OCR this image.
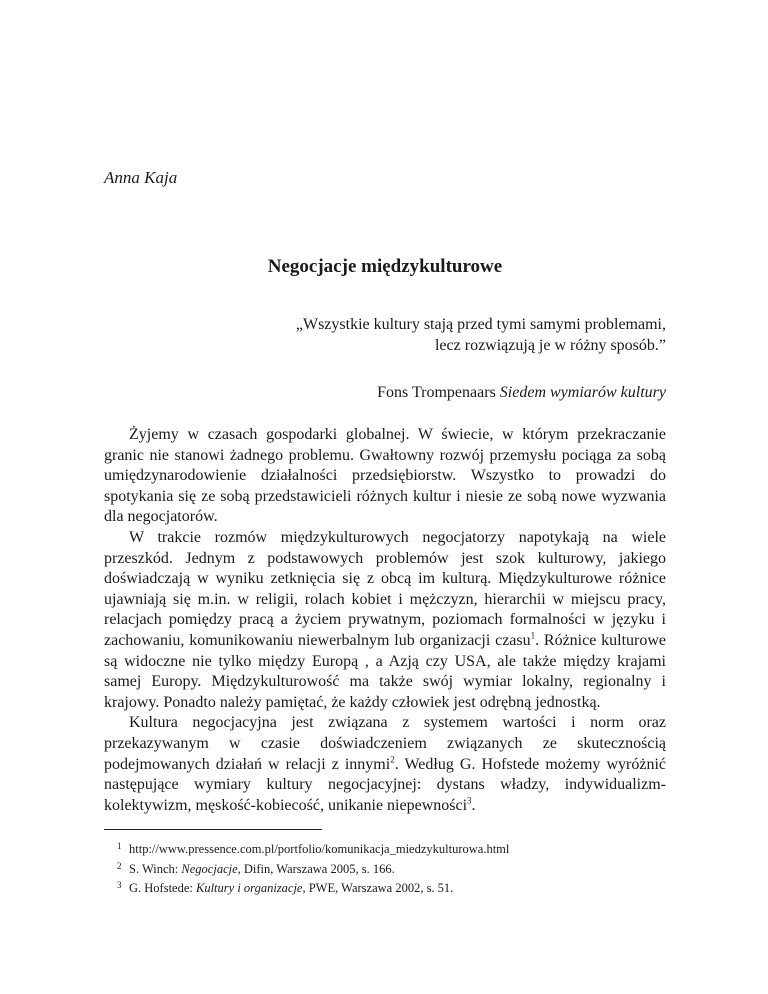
Anna Kaja

Negocjacje międzykulturowe
„Wszystkie kultury stają przed tymi samymi problemami,
lecz rozwiązują je w różny sposób.”
Fons Trompenaars Siedem wymiarów kultury

Żyjemy w czasach gospodarki globalnej. W świecie, w którym przekraczanie granic nie stanowi żadnego problemu. Gwałtowny rozwój przemysłu pociąga za sobą umiędzynarodowienie działalności przedsiębiorstw. Wszystko to prowadzi do spotykania się ze sobą przedstawicieli różnych kultur i niesie ze sobą nowe wyzwania dla negocjatorów.

W trakcie rozmów międzykulturowych negocjatorzy napotykają na wiele przeszkód. Jednym z podstawowych problemów jest szok kulturowy, jakiego doświadczają w wyniku zetknięcia się z obcą im kulturą. Międzykulturowe różnice ujawniają się m.in. w religii, rolach kobiet i mężczyzn, hierarchii w miejscu pracy, relacjach pomiędzy pracą a życiem prywatnym, poziomach formalności w języku i zachowaniu, komunikowaniu niewerbalnym lub organizacji czasu$^1$. Różnice kulturowe są widoczne nie tylko między Europą , a Azją czy USA, ale także między krajami samej Europy. Międzykulturowość ma także swój wymiar lokalny, regionalny i krajowy. Ponadto należy pamiętać, że każdy człowiek jest odrębną jednostką.

Kultura negocjacyjna jest związana z systemem wartości i norm oraz przekazywanym w czasie doświadczeniem związanych ze skutecznością podejmowanych działań w relacji z innymi$^2$. Według G. Hofstede możemy wyróżnić następujące wymiary kultury negocjacyjnej: dystans władzy, indywidualizm-kolektywizm, męskość-kobiecość, unikanie niepewności$^3$.

1 http://www.pressence.com.pl/portfolio/komunikacja_miedzykulturowa.html
2 S. Winch: Negocjacje, Difin, Warszawa 2005, s. 166.
3 G. Hofstede: Kultury i organizacje, PWE, Warszawa 2002, s. 51.
